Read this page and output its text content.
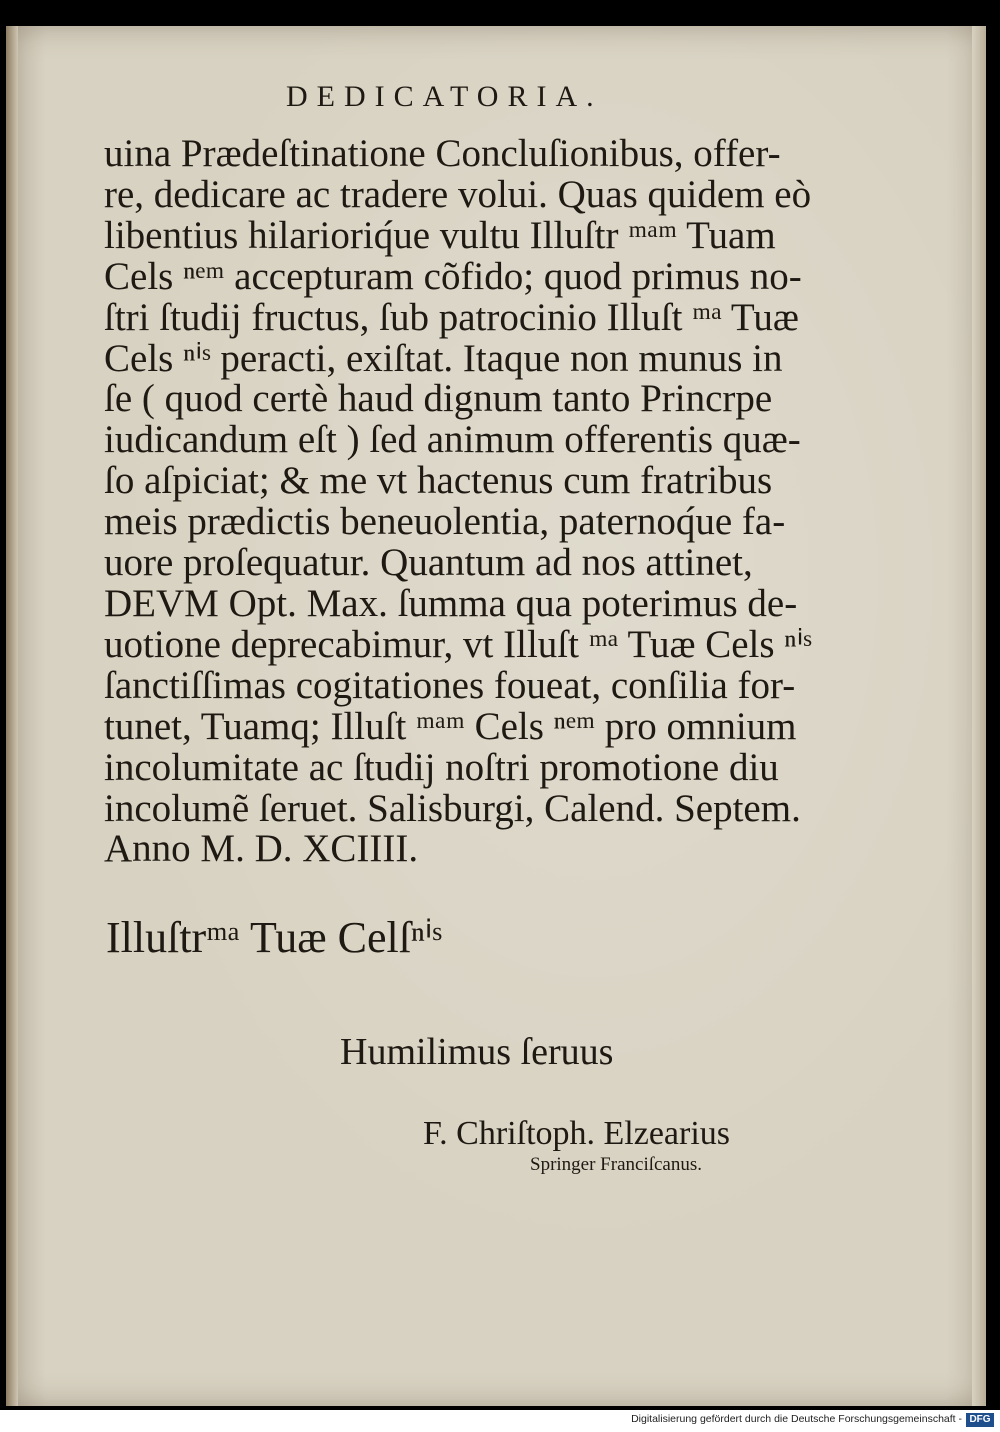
DEDICATORIA.
uina Prædeſtinatione Concluſionibus, offer-
re, dedicare ac tradere volui. Quas quidem eò
libentius hilarioriq́ue vultu Illuſtr ᵐᵃᵐ Tuam
Cels ⁿᵉᵐ accepturam cõfido; quod primus no-
ſtri ſtudij fructus, ſub patrocinio Illuſt ᵐᵃ Tuæ
Cels ⁿⁱˢ peracti, exiſtat. Itaque non munus in
ſe ( quod certè haud dignum tanto Princrpe
iudicandum eſt ) ſed animum offerentis quæ-
ſo aſpiciat; & me vt hactenus cum fratribus
meis prædictis beneuolentia, paternoq́ue fa-
uore proſequatur. Quantum ad nos attinet,
DEVM Opt. Max. ſumma qua poterimus de-
uotione deprecabimur, vt Illuſt ᵐᵃ Tuæ Cels ⁿⁱˢ
ſanctiſſimas cogitationes foueat, conſilia for-
tunet, Tuamq; Illuſt ᵐᵃᵐ Cels ⁿᵉᵐ pro omnium
incolumitate ac ſtudij noſtri promotione diu
incolumẽ ſeruet. Salisburgi, Calend. Septem.
Anno M. D. XCIIII.
Illuſtrᵐᵃ Tuæ Celſⁿⁱˢ
Humilimus ſeruus
F. Chriſtoph. Elzearius
Springer Franciſcanus.
Digitalisierung gefördert durch die Deutsche Forschungsgemeinschaft - DFG
